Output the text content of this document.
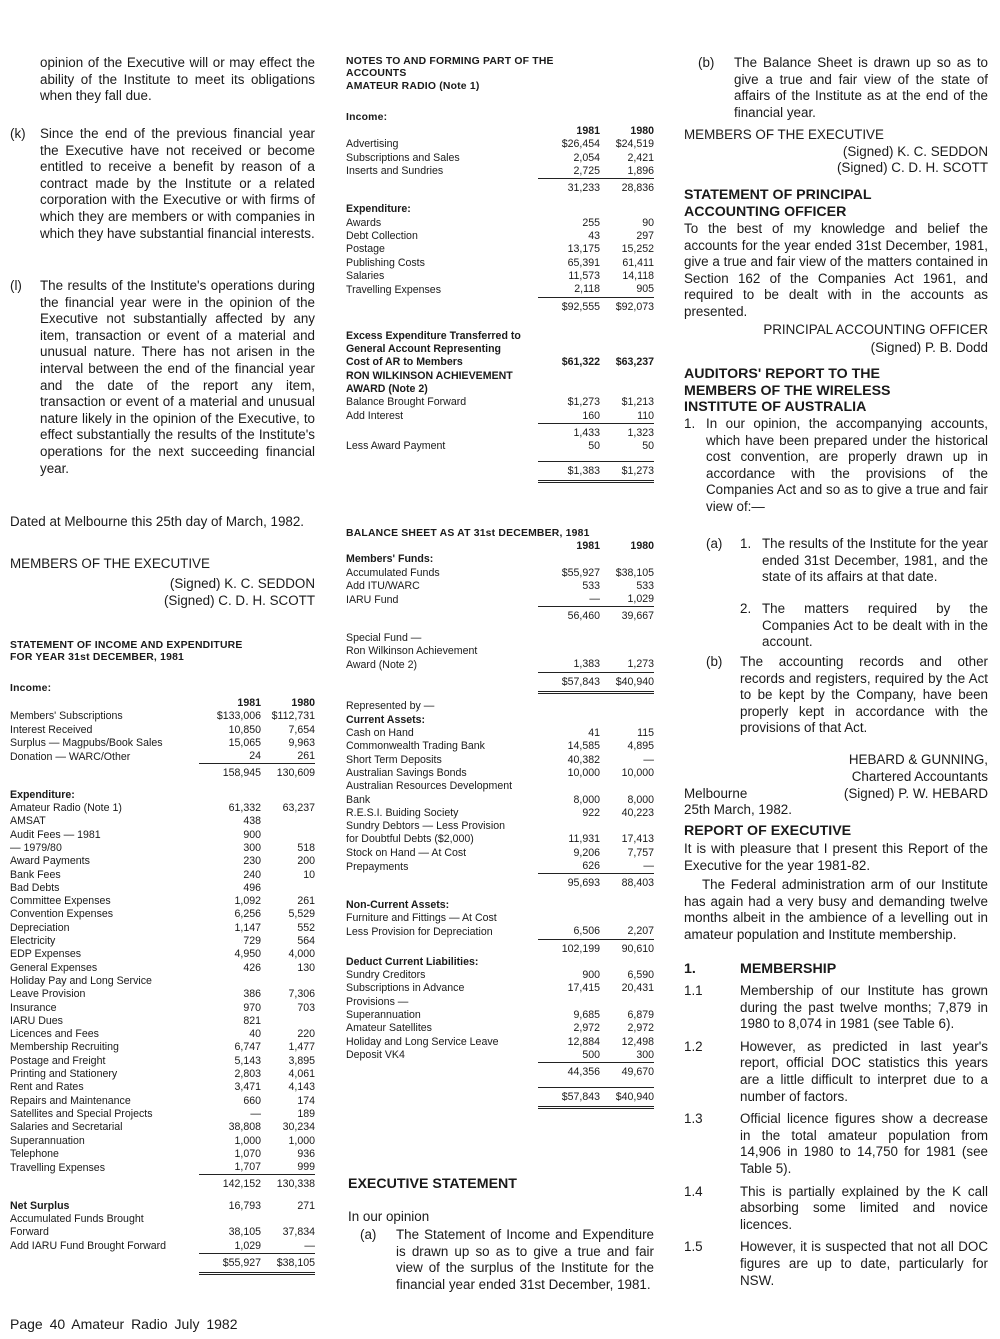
opinion of the Executive will or may effect the ability of the Institute to meet its obligations when they fall due.
(k)	Since the end of the previous financial year the Executive have not received or become entitled to receive a benefit by reason of a contract made by the Institute or a related corporation with the Executive or with firms of which they are members or with companies in which they have substantial financial interests.
(l)	The results of the Institute's operations during the financial year were in the opinion of the Executive not substantially affected by any item, transaction or event of a material and unusual nature. There has not arisen in the interval between the end of the financial year and the date of the report any item, transaction or event of a material and unusual nature likely in the opinion of the Executive, to effect substantially the results of the Institute's operations for the next succeeding financial year.
Dated at Melbourne this 25th day of March, 1982.
MEMBERS OF THE EXECUTIVE
(Signed) K. C. SEDDON
(Signed) C. D. H. SCOTT
STATEMENT OF INCOME AND EXPENDITURE
FOR YEAR 31st DECEMBER, 1981
Income:
	1981	1980
Members' Subscriptions	$133,006	$112,731
Interest Received	10,850	7,654
Surplus — Magpubs/Book Sales	15,065	9,963
Donation — WARC/Other	24	261
	158,945	130,609

Expenditure:		
Amateur Radio (Note 1)	61,332	63,237
AMSAT	438	
Audit Fees — 1981	900	
— 1979/80	300	518
Award Payments	230	200
Bank Fees	240	10
Bad Debts	496	
Committee Expenses	1,092	261
Convention Expenses	6,256	5,529
Depreciation	1,147	552
Electricity	729	564
EDP Expenses	4,950	4,000
General Expenses	426	130
Holiday Pay and Long Service		
Leave Provision	386	7,306
Insurance	970	703
IARU Dues	821	
Licences and Fees	40	220
Membership Recruiting	6,747	1,477
Postage and Freight	5,143	3,895
Printing and Stationery	2,803	4,061
Rent and Rates	3,471	4,143
Repairs and Maintenance	660	174
Satellites and Special Projects	—	189
Salaries and Secretarial	38,808	30,234
Superannuation	1,000	1,000
Telephone	1,070	936
Travelling Expenses	1,707	999
	142,152	130,338

Net Surplus	16,793	271
Accumulated Funds Brought		
Forward	38,105	37,834
Add IARU Fund Brought Forward	1,029	—
	$55,927	$38,105
NOTES TO AND FORMING PART OF THE
ACCOUNTS
AMATEUR RADIO (Note 1)
Income:
	1981	1980
Advertising	$26,454	$24,519
Subscriptions and Sales	2,054	2,421
Inserts and Sundries	2,725	1,896
	31,233	28,836

Expenditure:		
Awards	255	90
Debt Collection	43	297
Postage	13,175	15,252
Publishing Costs	65,391	61,411
Salaries	11,573	14,118
Travelling Expenses	2,118	905
	$92,555	$92,073

Excess Expenditure Transferred to		
General Account Representing		
Cost of AR to Members	$61,322	$63,237
RON WILKINSON ACHIEVEMENT		
AWARD (Note 2)		
Balance Brought Forward	$1,273	$1,213
Add Interest	160	110
	1,433	1,323
Less Award Payment	50	50

	$1,383	$1,273
BALANCE SHEET AS AT 31st DECEMBER, 1981
	1981	1980
Members' Funds:		
Accumulated Funds	$55,927	$38,105
Add ITU/WARC	533	533
IARU Fund	—	1,029
	56,460	39,667

Special Fund —		
Ron Wilkinson Achievement		
Award (Note 2)	1,383	1,273
	$57,843	$40,940

Represented by —		
Current Assets:		
Cash on Hand	41	115
Commonwealth Trading Bank	14,585	4,895
Short Term Deposits	40,382	—
Australian Savings Bonds	10,000	10,000
Australian Resources Development		
Bank	8,000	8,000
R.E.S.I. Buiding Society	922	40,223
Sundry Debtors — Less Provision		
for Doubtful Debts ($2,000)	11,931	17,413
Stock on Hand — At Cost	9,206	7,757
Prepayments	626	—
	95,693	88,403

Non-Current Assets:		
Furniture and Fittings — At Cost		
Less Provision for Depreciation	6,506	2,207
	102,199	90,610
Deduct Current Liabilities:		
Sundry Creditors	900	6,590
Subscriptions in Advance	17,415	20,431
Provisions —		
Superannuation	9,685	6,879
Amateur Satellites	2,972	2,972
Holiday and Long Service Leave	12,884	12,498
Deposit VK4	500	300
	44,356	49,670

	$57,843	$40,940
EXECUTIVE STATEMENT
In our opinion
(a)	The Statement of Income and Expenditure is drawn up so as to give a true and fair view of the surplus of the Institute for the financial year ended 31st December, 1981.
(b)	The Balance Sheet is drawn up so as to give a true and fair view of the state of affairs of the Institute as at the end of the financial year.
MEMBERS OF THE EXECUTIVE
(Signed) K. C. SEDDON
(Signed) C. D. H. SCOTT
STATEMENT OF PRINCIPAL ACCOUNTING OFFICER
To the best of my knowledge and belief the accounts for the year ended 31st December, 1981, give a true and fair view of the matters contained in Section 162 of the Companies Act 1961, and required to be dealt with in the accounts as presented.
PRINCIPAL ACCOUNTING OFFICER
(Signed) P. B. Dodd
AUDITORS' REPORT TO THE MEMBERS OF THE WIRELESS INSTITUTE OF AUSTRALIA
1. In our opinion, the accompanying accounts, which have been prepared under the historical cost convention, are properly drawn up in accordance with the provisions of the Companies Act and so as to give a true and fair view of:—
(a)	1. The results of the Institute for the year ended 31st December, 1981, and the state of its affairs at that date.
2. The matters required by the Companies Act to be dealt with in the account.
(b)	The accounting records and other records and registers, required by the Act to be kept by the Company, have been properly kept in accordance with the provisions of that Act.
HEBARD & GUNNING,
Chartered Accountants
Melbourne	(Signed) P. W. HEBARD
25th March, 1982.
REPORT OF EXECUTIVE
It is with pleasure that I present this Report of the Executive for the year 1981-82.
The Federal administration arm of our Institute has again had a very busy and demanding twelve months albeit in the ambience of a levelling out in amateur population and Institute membership.
1.	MEMBERSHIP
1.1	Membership of our Institute has grown during the past twelve months; 7,879 in 1980 to 8,074 in 1981 (see Table 6).
1.2	However, as predicted in last year's report, official DOC statistics this years are a little difficult to interpret due to a number of factors.
1.3	Official licence figures show a decrease in the total amateur population from 14,906 in 1980 to 14,750 for 1981 (see Table 5).
1.4	This is partially explained by the K call absorbing some limited and novice licences.
1.5	However, it is suspected that not all DOC figures are up to date, particularly for NSW.
Page 40 Amateur Radio July 1982
